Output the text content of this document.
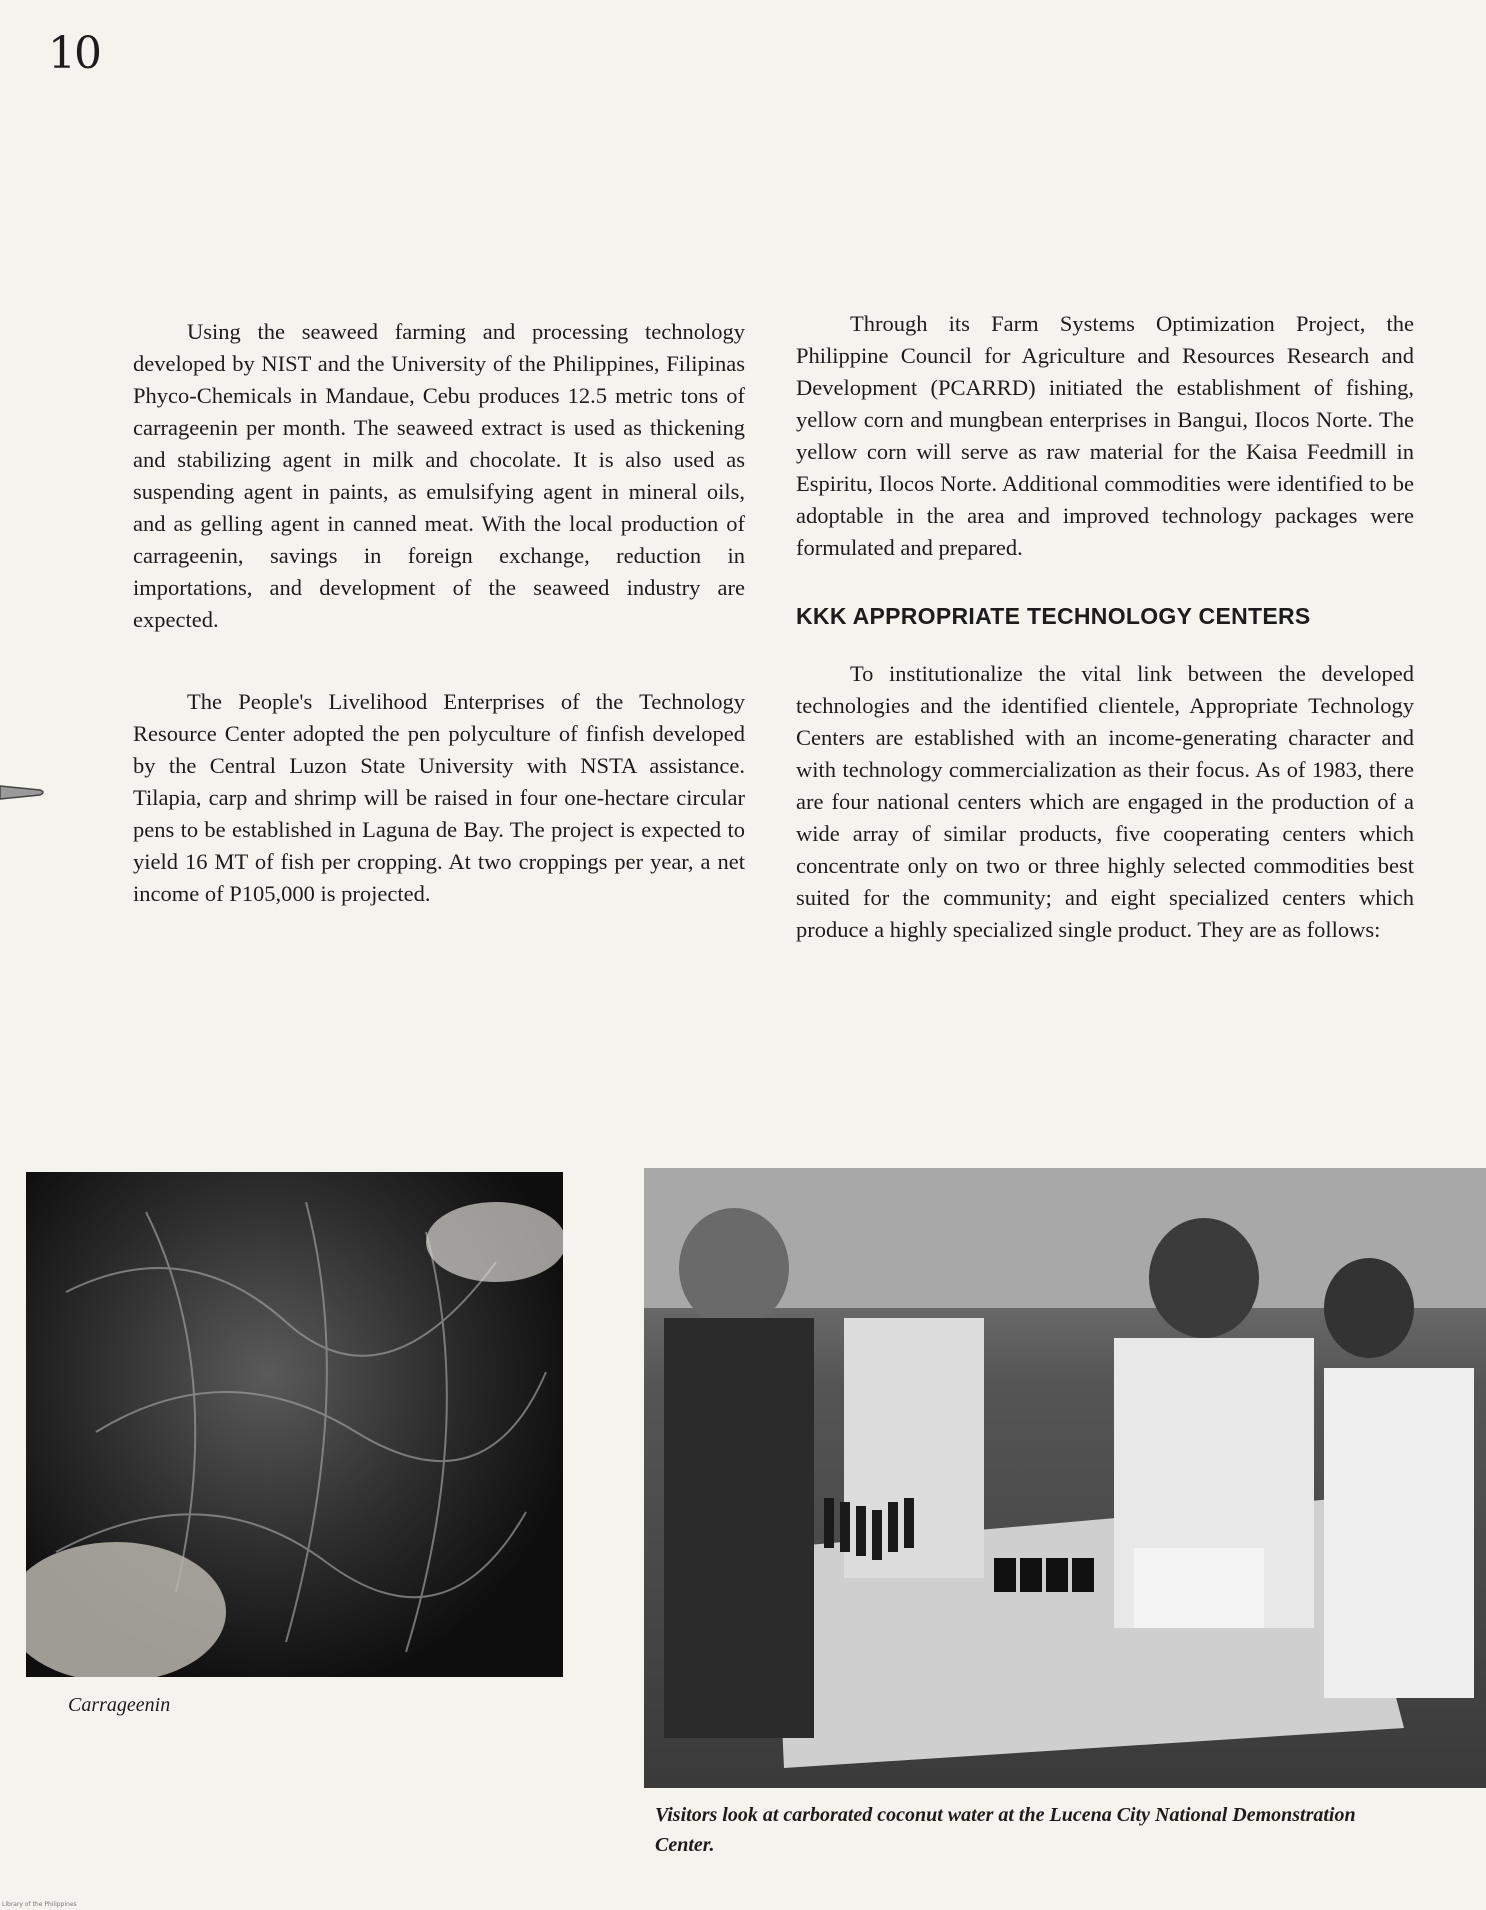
10

Using the seaweed farming and processing technology developed by NIST and the University of the Philippines, Filipinas Phyco-Chemicals in Mandaue, Cebu produces 12.5 metric tons of carrageenin per month. The seaweed extract is used as thickening and stabilizing agent in milk and chocolate. It is also used as suspending agent in paints, as emulsifying agent in mineral oils, and as gelling agent in canned meat. With the local production of carrageenin, savings in foreign exchange, reduction in importations, and development of the seaweed industry are expected.

The People's Livelihood Enterprises of the Technology Resource Center adopted the pen polyculture of finfish developed by the Central Luzon State University with NSTA assistance. Tilapia, carp and shrimp will be raised in four one-hectare circular pens to be established in Laguna de Bay. The project is expected to yield 16 MT of fish per cropping. At two croppings per year, a net income of P105,000 is projected.

Through its Farm Systems Optimization Project, the Philippine Council for Agriculture and Resources Research and Development (PCARRD) initiated the establishment of fishing, yellow corn and mungbean enterprises in Bangui, Ilocos Norte. The yellow corn will serve as raw material for the Kaisa Feedmill in Espiritu, Ilocos Norte. Additional commodities were identified to be adoptable in the area and improved technology packages were formulated and prepared.

KKK APPROPRIATE TECHNOLOGY CENTERS

To institutionalize the vital link between the developed technologies and the identified clientele, Appropriate Technology Centers are established with an income-generating character and with technology commercialization as their focus. As of 1983, there are four national centers which are engaged in the production of a wide array of similar products, five cooperating centers which concentrate only on two or three highly selected commodities best suited for the community; and eight specialized centers which produce a highly specialized single product. They are as follows:

Carrageenin
Visitors look at carborated coconut water at the Lucena City National Demonstration Center.
Library of the Philippines
